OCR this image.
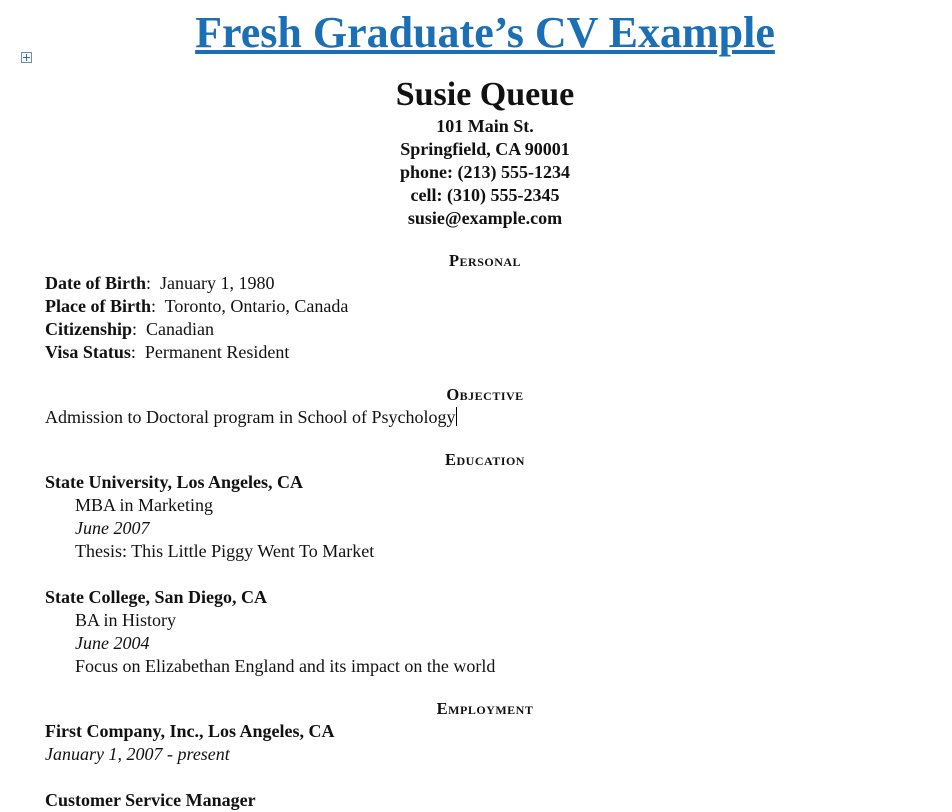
Fresh Graduate’s CV Example
Susie Queue
101 Main St.
Springfield, CA 90001
phone: (213) 555-1234
cell: (310) 555-2345
susie@example.com
Personal
Date of Birth:  January 1, 1980
Place of Birth:  Toronto, Ontario, Canada
Citizenship:  Canadian
Visa Status:  Permanent Resident
Objective
Admission to Doctoral program in School of Psychology
Education
State University, Los Angeles, CA
MBA in Marketing
June 2007
Thesis: This Little Piggy Went To Market
State College, San Diego, CA
BA in History
June 2004
Focus on Elizabethan England and its impact on the world
Employment
First Company, Inc., Los Angeles, CA
January 1, 2007 - present
Customer Service Manager
